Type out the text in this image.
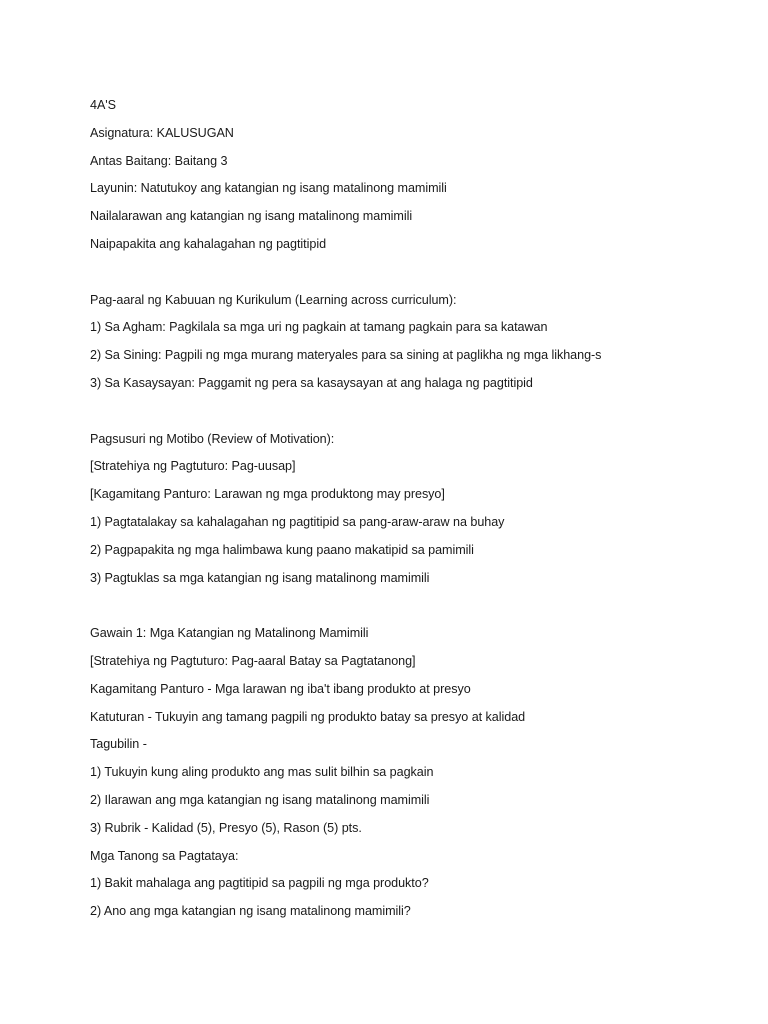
4A'S
Asignatura: KALUSUGAN
Antas Baitang: Baitang 3
Layunin: Natutukoy ang katangian ng isang matalinong mamimili
Nailalarawan ang katangian ng isang matalinong mamimili
Naipapakita ang kahalagahan ng pagtitipid
Pag-aaral ng Kabuuan ng Kurikulum (Learning across curriculum):
1) Sa Agham: Pagkilala sa mga uri ng pagkain at tamang pagkain para sa katawan
2) Sa Sining: Pagpili ng mga murang materyales para sa sining at paglikha ng mga likhang-s
3) Sa Kasaysayan: Paggamit ng pera sa kasaysayan at ang halaga ng pagtitipid
Pagsusuri ng Motibo (Review of Motivation):
[Stratehiya ng Pagtuturo: Pag-uusap]
[Kagamitang Panturo: Larawan ng mga produktong may presyo]
1) Pagtatalakay sa kahalagahan ng pagtitipid sa pang-araw-araw na buhay
2) Pagpapakita ng mga halimbawa kung paano makatipid sa pamimili
3) Pagtuklas sa mga katangian ng isang matalinong mamimili
Gawain 1: Mga Katangian ng Matalinong Mamimili
[Stratehiya ng Pagtuturo: Pag-aaral Batay sa Pagtatanong]
Kagamitang Panturo - Mga larawan ng iba't ibang produkto at presyo
Katuturan - Tukuyin ang tamang pagpili ng produkto batay sa presyo at kalidad
Tagubilin -
1) Tukuyin kung aling produkto ang mas sulit bilhin sa pagkain
2) Ilarawan ang mga katangian ng isang matalinong mamimili
3) Rubrik - Kalidad (5), Presyo (5), Rason (5) pts.
Mga Tanong sa Pagtataya:
1) Bakit mahalaga ang pagtitipid sa pagpili ng mga produkto?
2) Ano ang mga katangian ng isang matalinong mamimili?
